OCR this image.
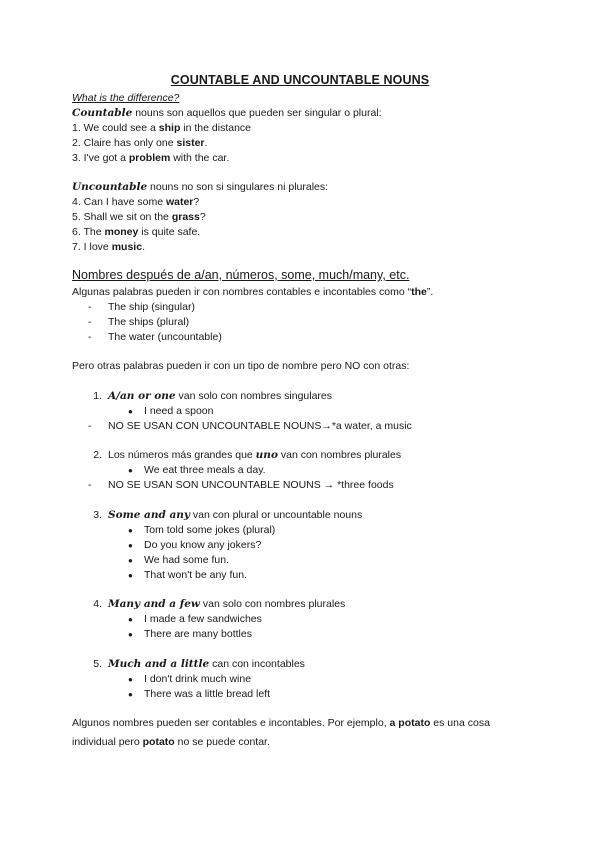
COUNTABLE AND UNCOUNTABLE NOUNS
What is the difference?
Countable nouns son aquellos que pueden ser singular o plural:
1. We could see a ship in the distance
2. Claire has only one sister.
3. I've got a problem with the car.
Uncountable nouns no son si singulares ni plurales:
4. Can I have some water?
5. Shall we sit on the grass?
6. The money is quite safe.
7. I love music.
Nombres después de a/an, números, some, much/many, etc.
Algunas palabras pueden ir con nombres contables e incontables como “the”.
- The ship (singular)
- The ships (plural)
- The water (uncountable)
Pero otras palabras pueden ir con un tipo de nombre pero NO con otras:
1. A/an or one van solo con nombres singulares
● I need a spoon
- NO SE USAN CON UNCOUNTABLE NOUNS→*a water, a music
2. Los números más grandes que uno van con nombres plurales
● We eat three meals a day.
- NO SE USAN SON UNCOUNTABLE NOUNS → *three foods
3. Some and any van con plural or uncountable nouns
● Tom told some jokes (plural)
● Do you know any jokers?
● We had some fun.
● That won't be any fun.
4. Many and a few van solo con nombres plurales
● I made a few sandwiches
● There are many bottles
5. Much and a little can con incontables
● I don't drink much wine
● There was a little bread left
Algunos nombres pueden ser contables e incontables. Por ejemplo, a potato es una cosa individual pero potato no se puede contar.
